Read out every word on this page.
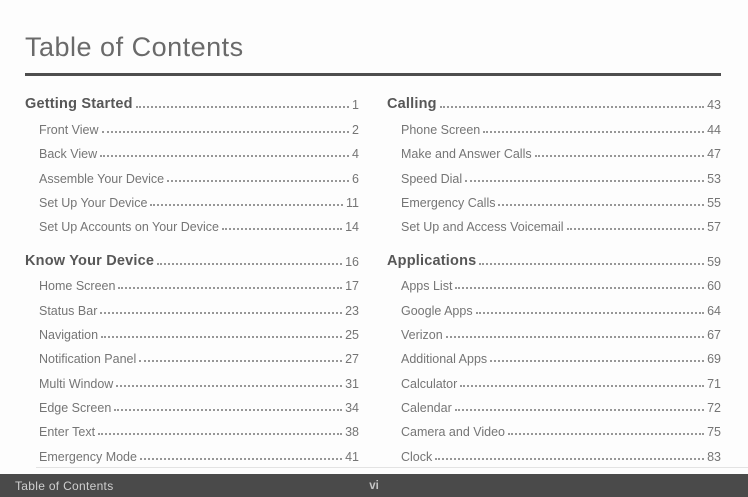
Table of Contents
Getting Started	1
Front View	2
Back View	4
Assemble Your Device	6
Set Up Your Device	11
Set Up Accounts on Your Device	14
Know Your Device	16
Home Screen	17
Status Bar	23
Navigation	25
Notification Panel	27
Multi Window	31
Edge Screen	34
Enter Text	38
Emergency Mode	41
Calling	43
Phone Screen	44
Make and Answer Calls	47
Speed Dial	53
Emergency Calls	55
Set Up and Access Voicemail	57
Applications	59
Apps List	60
Google Apps	64
Verizon	67
Additional Apps	69
Calculator	71
Calendar	72
Camera and Video	75
Clock	83
Table of Contents	vi
